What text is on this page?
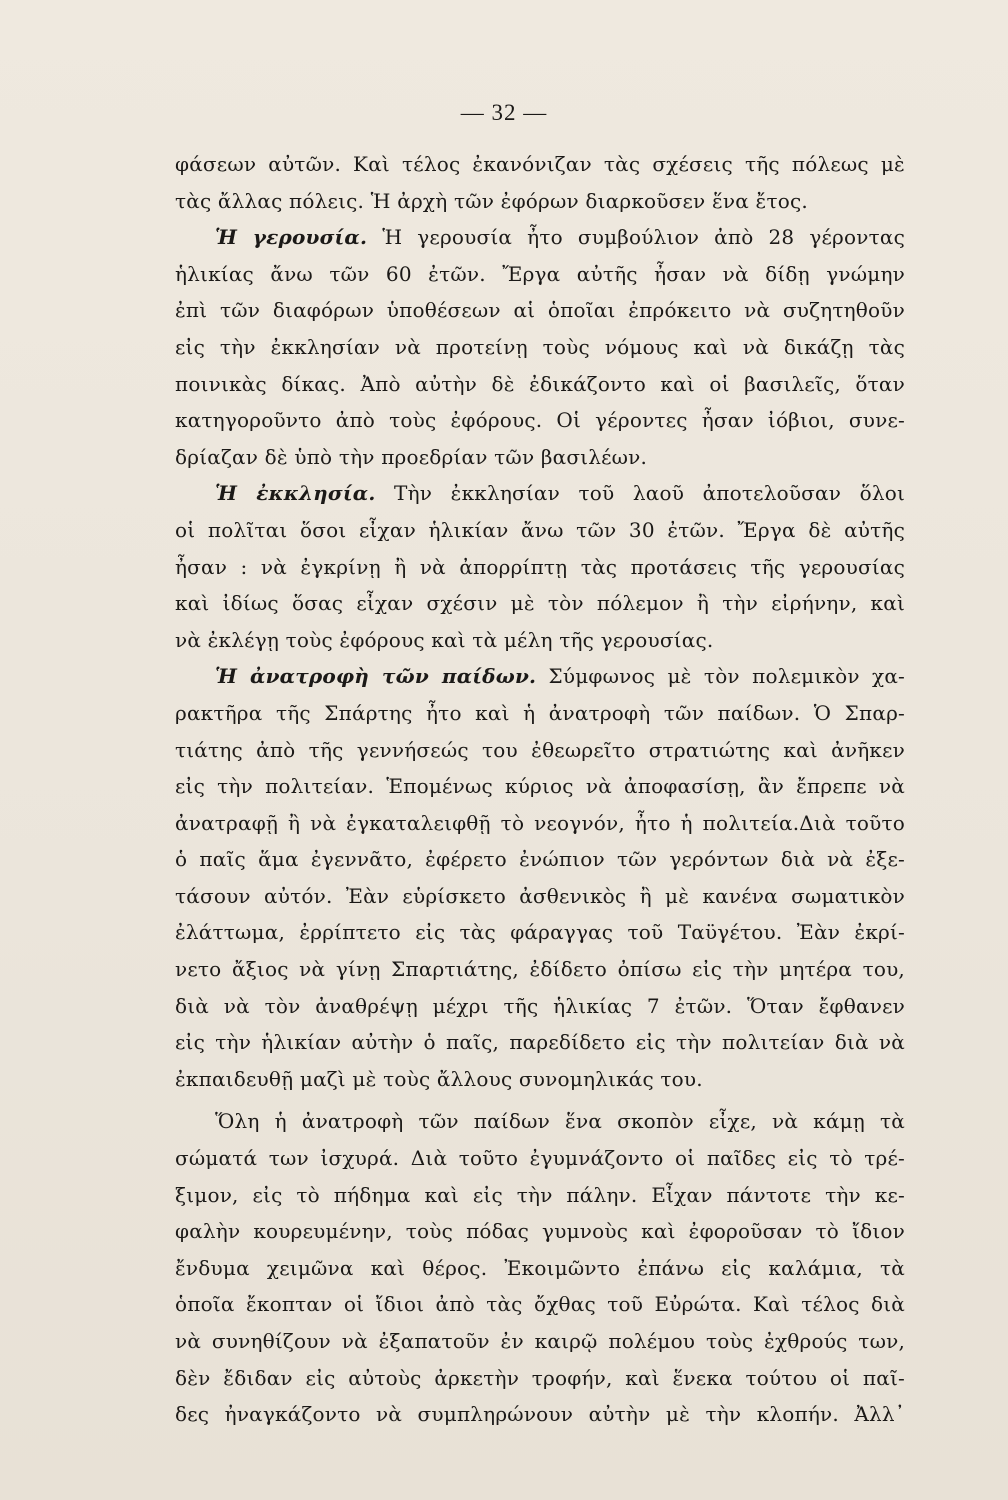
— 32 —
φάσεων αὐτῶν. Καὶ τέλος ἐκανόνιζαν τὰς σχέσεις τῆς πόλεως μὲ
τὰς ἄλλας πόλεις. Ἡ ἀρχὴ τῶν ἐφόρων διαρκοῦσεν ἕνα ἔτος.
Ἡ γερουσία. Ἡ γερουσία ἦτο συμβούλιον ἀπὸ 28 γέροντας
ἡλικίας ἄνω τῶν 60 ἐτῶν. Ἔργα αὐτῆς ἦσαν νὰ δίδῃ γνώμην
ἐπὶ τῶν διαφόρων ὑποθέσεων αἱ ὁποῖαι ἐπρόκειτο νὰ συζητηθοῦν
εἰς τὴν ἐκκλησίαν νὰ προτείνῃ τοὺς νόμους καὶ νὰ δικάζῃ τὰς
ποινικὰς δίκας. Ἀπὸ αὐτὴν δὲ ἐδικάζοντο καὶ οἱ βασιλεῖς, ὅταν
κατηγοροῦντο ἀπὸ τοὺς ἐφόρους. Οἱ γέροντες ἦσαν ἰόβιοι, συνε-
δρίαζαν δὲ ὑπὸ τὴν προεδρίαν τῶν βασιλέων.
Ἡ ἐκκλησία. Τὴν ἐκκλησίαν τοῦ λαοῦ ἀποτελοῦσαν ὅλοι
οἱ πολῖται ὅσοι εἶχαν ἡλικίαν ἄνω τῶν 30 ἐτῶν. Ἔργα δὲ αὐτῆς
ἦσαν : νὰ ἐγκρίνῃ ἢ νὰ ἀπορρίπτῃ τὰς προτάσεις τῆς γερουσίας
καὶ ἰδίως ὅσας εἶχαν σχέσιν μὲ τὸν πόλεμον ἢ τὴν εἰρήνην, καὶ
νὰ ἐκλέγῃ τοὺς ἐφόρους καὶ τὰ μέλη τῆς γερουσίας.
Ἡ ἀνατροφὴ τῶν παίδων. Σύμφωνος μὲ τὸν πολεμικὸν χα-
ρακτῆρα τῆς Σπάρτης ἦτο καὶ ἡ ἀνατροφὴ τῶν παίδων. Ὁ Σπαρ-
τιάτης ἀπὸ τῆς γεννήσεώς του ἐθεωρεῖτο στρατιώτης καὶ ἀνῆκεν
εἰς τὴν πολιτείαν. Ἑπομένως κύριος νὰ ἀποφασίσῃ, ἂν ἔπρεπε νὰ
ἀνατραφῇ ἢ νὰ ἐγκαταλειφθῇ τὸ νεογνόν, ἦτο ἡ πολιτεία.Διὰ τοῦτο
ὁ παῖς ἅμα ἐγεννᾶτο, ἐφέρετο ἐνώπιον τῶν γερόντων διὰ νὰ ἐξε-
τάσουν αὐτόν. Ἐὰν εὑρίσκετο ἀσθενικὸς ἢ μὲ κανένα σωματικὸν
ἐλάττωμα, ἐρρίπτετο εἰς τὰς φάραγγας τοῦ Ταϋγέτου. Ἐὰν ἐκρί-
νετο ἄξιος νὰ γίνῃ Σπαρτιάτης, ἐδίδετο ὀπίσω εἰς τὴν μητέρα του,
διὰ νὰ τὸν ἀναθρέψῃ μέχρι τῆς ἡλικίας 7 ἐτῶν. Ὅταν ἔφθανεν
εἰς τὴν ἡλικίαν αὐτὴν ὁ παῖς, παρεδίδετο εἰς τὴν πολιτείαν διὰ νὰ
ἐκπαιδευθῇ μαζὶ μὲ τοὺς ἄλλους συνομηλικάς του.
Ὅλη ἡ ἀνατροφὴ τῶν παίδων ἕνα σκοπὸν εἶχε, νὰ κάμῃ τὰ
σώματά των ἰσχυρά. Διὰ τοῦτο ἐγυμνάζοντο οἱ παῖδες εἰς τὸ τρέ-
ξιμον, εἰς τὸ πήδημα καὶ εἰς τὴν πάλην. Εἶχαν πάντοτε τὴν κε-
φαλὴν κουρευμένην, τοὺς πόδας γυμνοὺς καὶ ἐφοροῦσαν τὸ ἴδιον
ἔνδυμα χειμῶνα καὶ θέρος. Ἐκοιμῶντο ἐπάνω εἰς καλάμια, τὰ
ὁποῖα ἔκοπταν οἱ ἴδιοι ἀπὸ τὰς ὄχθας τοῦ Εὐρώτα. Καὶ τέλος διὰ
νὰ συνηθίζουν νὰ ἐξαπατοῦν ἐν καιρῷ πολέμου τοὺς ἐχθρούς των,
δὲν ἔδιδαν εἰς αὐτοὺς ἀρκετὴν τροφήν, καὶ ἕνεκα τούτου οἱ παῖ-
δες ἠναγκάζοντο νὰ συμπληρώνουν αὐτὴν μὲ τὴν κλοπήν. Ἀλλ᾽
